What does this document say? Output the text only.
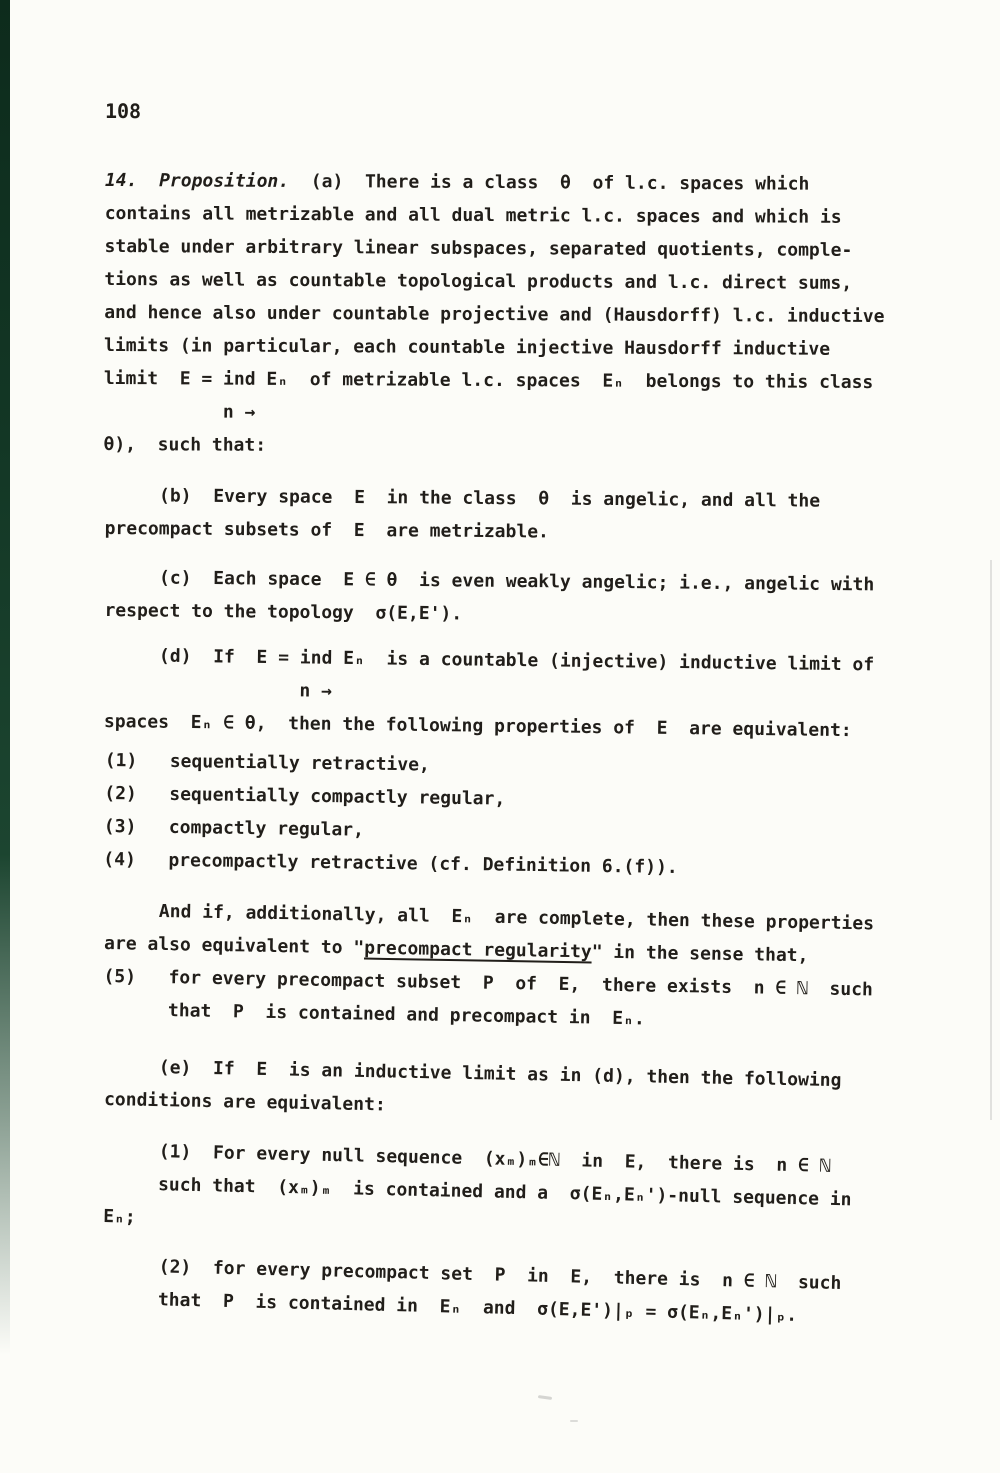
108
14.  Proposition.  (a)  There is a class  θ  of l.c. spaces which
contains all metrizable and all dual metric l.c. spaces and which is
stable under arbitrary linear subspaces, separated quotients, comple-
tions as well as countable topological products and l.c. direct sums,
and hence also under countable projective and (Hausdorff) l.c. inductive
limits (in particular, each countable injective Hausdorff inductive
limit  E = ind Eₙ  of metrizable l.c. spaces  Eₙ  belongs to this class
n →
θ),  such that:
(b)  Every space  E  in the class  θ  is angelic, and all the
precompact subsets of  E  are metrizable.
(c)  Each space  E ∈ θ  is even weakly angelic; i.e., angelic with
respect to the topology  σ(E,E').
(d)  If  E = ind Eₙ  is a countable (injective) inductive limit of
n →
spaces  Eₙ ∈ θ,  then the following properties of  E  are equivalent:
(1)   sequentially retractive,
(2)   sequentially compactly regular,
(3)   compactly regular,
(4)   precompactly retractive (cf. Definition 6.(f)).
And if, additionally, all  Eₙ  are complete, then these properties
are also equivalent to "precompact regularity" in the sense that,
(5)   for every precompact subset  P  of  E,  there exists  n ∈ ℕ  such
that  P  is contained and precompact in  Eₙ.
(e)  If  E  is an inductive limit as in (d), then the following
conditions are equivalent:
(1)  For every null sequence  (xₘ)ₘ∈ℕ  in  E,  there is  n ∈ ℕ
such that  (xₘ)ₘ  is contained and a  σ(Eₙ,Eₙ')-null sequence in
Eₙ;
(2)  for every precompact set  P  in  E,  there is  n ∈ ℕ  such
that  P  is contained in  Eₙ  and  σ(E,E')|ₚ = σ(Eₙ,Eₙ')|ₚ.
